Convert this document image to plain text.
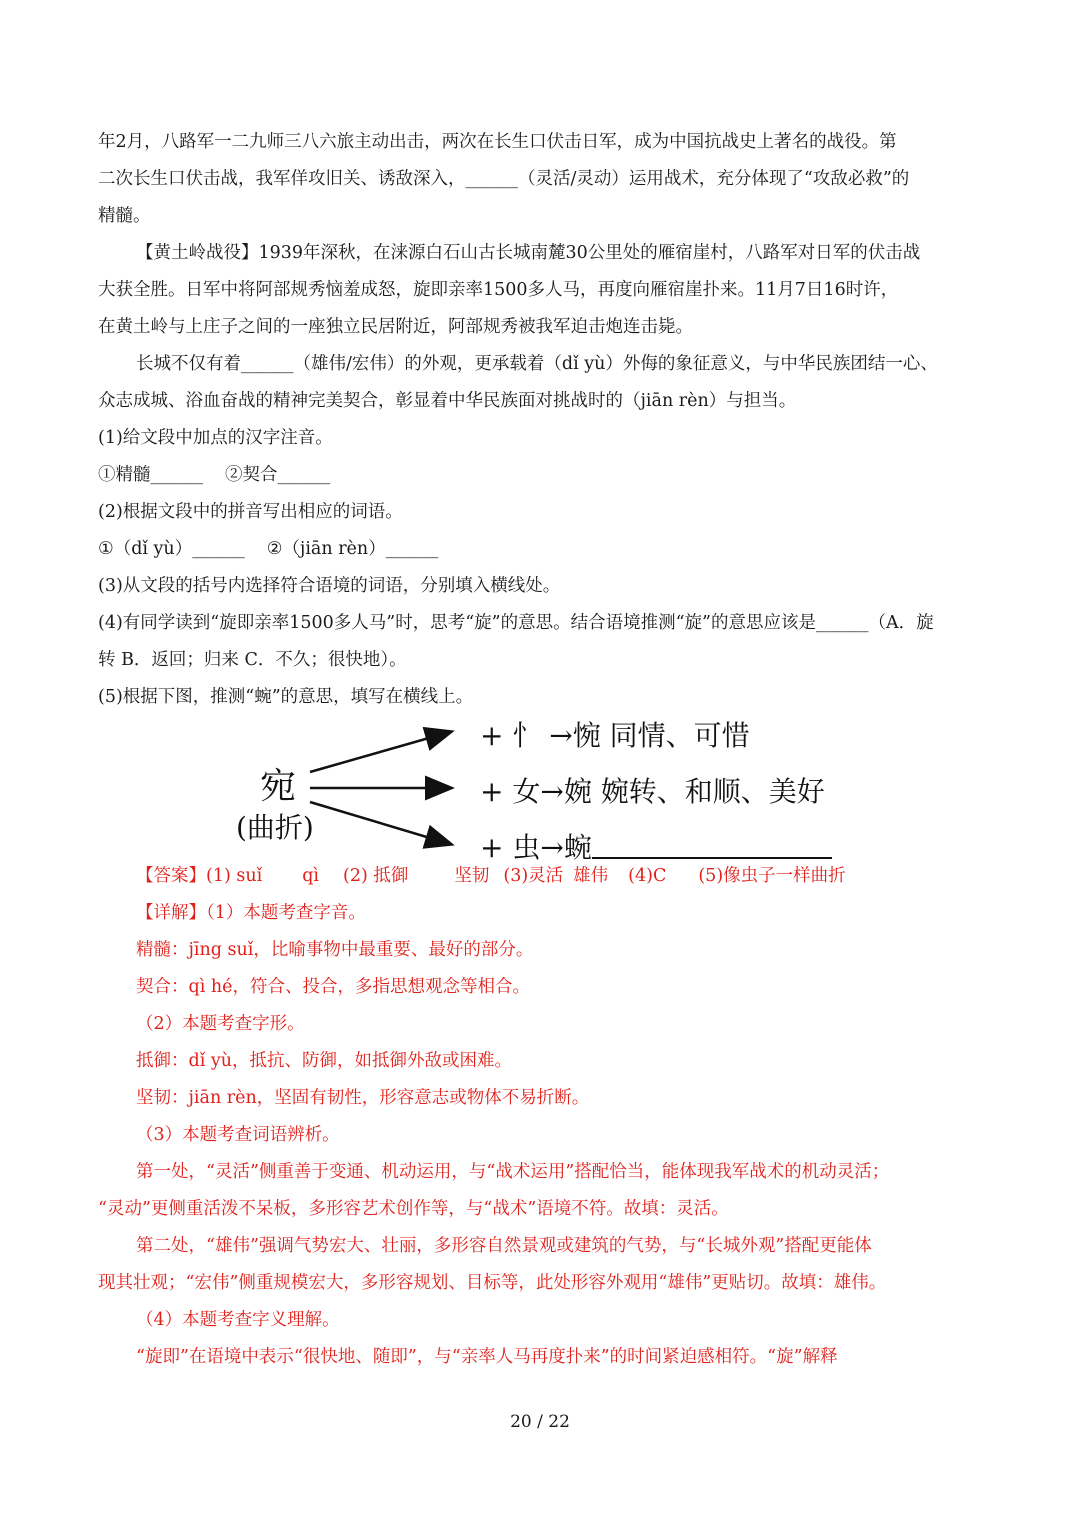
年2月，八路军一二九师三八六旅主动出击，两次在长生口伏击日军，成为中国抗战史上著名的战役。第
二次长生口伏击战，我军佯攻旧关、诱敌深入，______（灵活/灵动）运用战术，充分体现了“攻敌必救”的
精髓。
【黄土岭战役】1939年深秋，在涞源白石山古长城南麓30公里处的雁宿崖村，八路军对日军的伏击战
大获全胜。日军中将阿部规秀恼羞成怒，旋即亲率1500多人马，再度向雁宿崖扑来。11月7日16时许，
在黄土岭与上庄子之间的一座独立民居附近，阿部规秀被我军迫击炮连击毙。
长城不仅有着______（雄伟/宏伟）的外观，更承载着（dǐ yù）外侮的象征意义，与中华民族团结一心、
众志成城、浴血奋战的精神完美契合，彰显着中华民族面对挑战时的（jiān rèn）与担当。
(1)给文段中加点的汉字注音。
①精髓______ ②契合______
(2)根据文段中的拼音写出相应的词语。
①（dǐ yù）______ ②（jiān rèn）______
(3)从文段的括号内选择符合语境的词语，分别填入横线处。
(4)有同学读到“旋即亲率1500多人马”时，思考“旋”的意思。结合语境推测“旋”的意思应该是______（A．旋
转 B．返回；归来 C．不久；很快地）。
(5)根据下图，推测“蜿”的意思，填写在横线上。
宛
(曲折)
+ 忄 →惋 同情、可惜
+ 女→婉 婉转、和顺、美好
+ 虫→蜿
【答案】(1) suǐ qì (2) 抵御	坚韧 (3)灵活 雄伟 (4)C (5)像虫子一样曲折
【详解】（1）本题考查字音。
精髓：jīng suǐ，比喻事物中最重要、最好的部分。
契合：qì hé，符合、投合，多指思想观念等相合。
（2）本题考查字形。
抵御：dǐ yù，抵抗、防御，如抵御外敌或困难。
坚韧：jiān rèn，坚固有韧性，形容意志或物体不易折断。
（3）本题考查词语辨析。
第一处，“灵活”侧重善于变通、机动运用，与“战术运用”搭配恰当，能体现我军战术的机动灵活；
“灵动”更侧重活泼不呆板，多形容艺术创作等，与“战术”语境不符。故填：灵活。
第二处，“雄伟”强调气势宏大、壮丽，多形容自然景观或建筑的气势，与“长城外观”搭配更能体
现其壮观；“宏伟”侧重规模宏大，多形容规划、目标等，此处形容外观用“雄伟”更贴切。故填：雄伟。
（4）本题考查字义理解。
“旋即”在语境中表示“很快地、随即”，与“亲率人马再度扑来”的时间紧迫感相符。“旋”解释
20 / 22
